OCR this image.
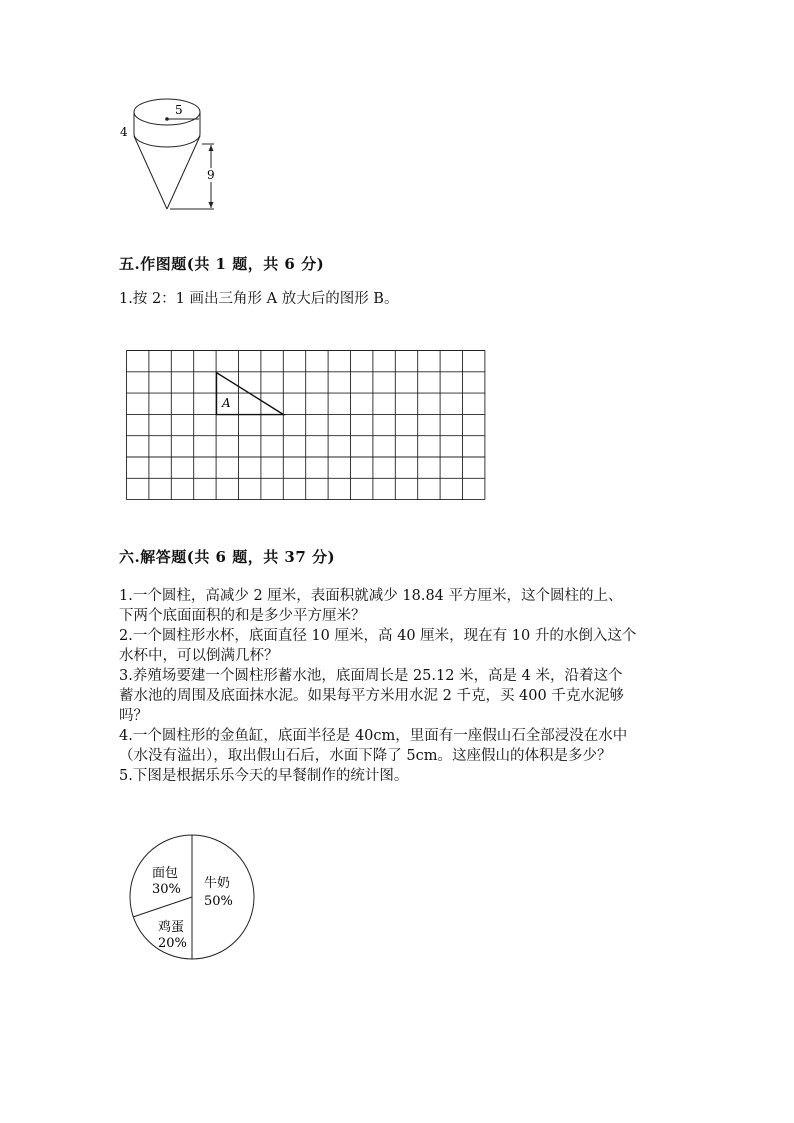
5
4
9
五.作图题(共 1 题，共 6 分)
1.按 2：1 画出三角形 A 放大后的图形 B。
A
六.解答题(共 6 题，共 37 分)
1.一个圆柱，高减少 2 厘米，表面积就减少 18.84 平方厘米，这个圆柱的上、
下两个底面面积的和是多少平方厘米？
2.一个圆柱形水杯，底面直径 10 厘米，高 40 厘米，现在有 10 升的水倒入这个
水杯中，可以倒满几杯？
3.养殖场要建一个圆柱形蓄水池，底面周长是 25.12 米，高是 4 米，沿着这个
蓄水池的周围及底面抹水泥。如果每平方米用水泥 2 千克，买 400 千克水泥够
吗？
4.一个圆柱形的金鱼缸，底面半径是 40cm，里面有一座假山石全部浸没在水中
（水没有溢出），取出假山石后，水面下降了 5cm。这座假山的体积是多少？
5.下图是根据乐乐今天的早餐制作的统计图。
牛奶
50%
面包
30%
鸡蛋
20%
